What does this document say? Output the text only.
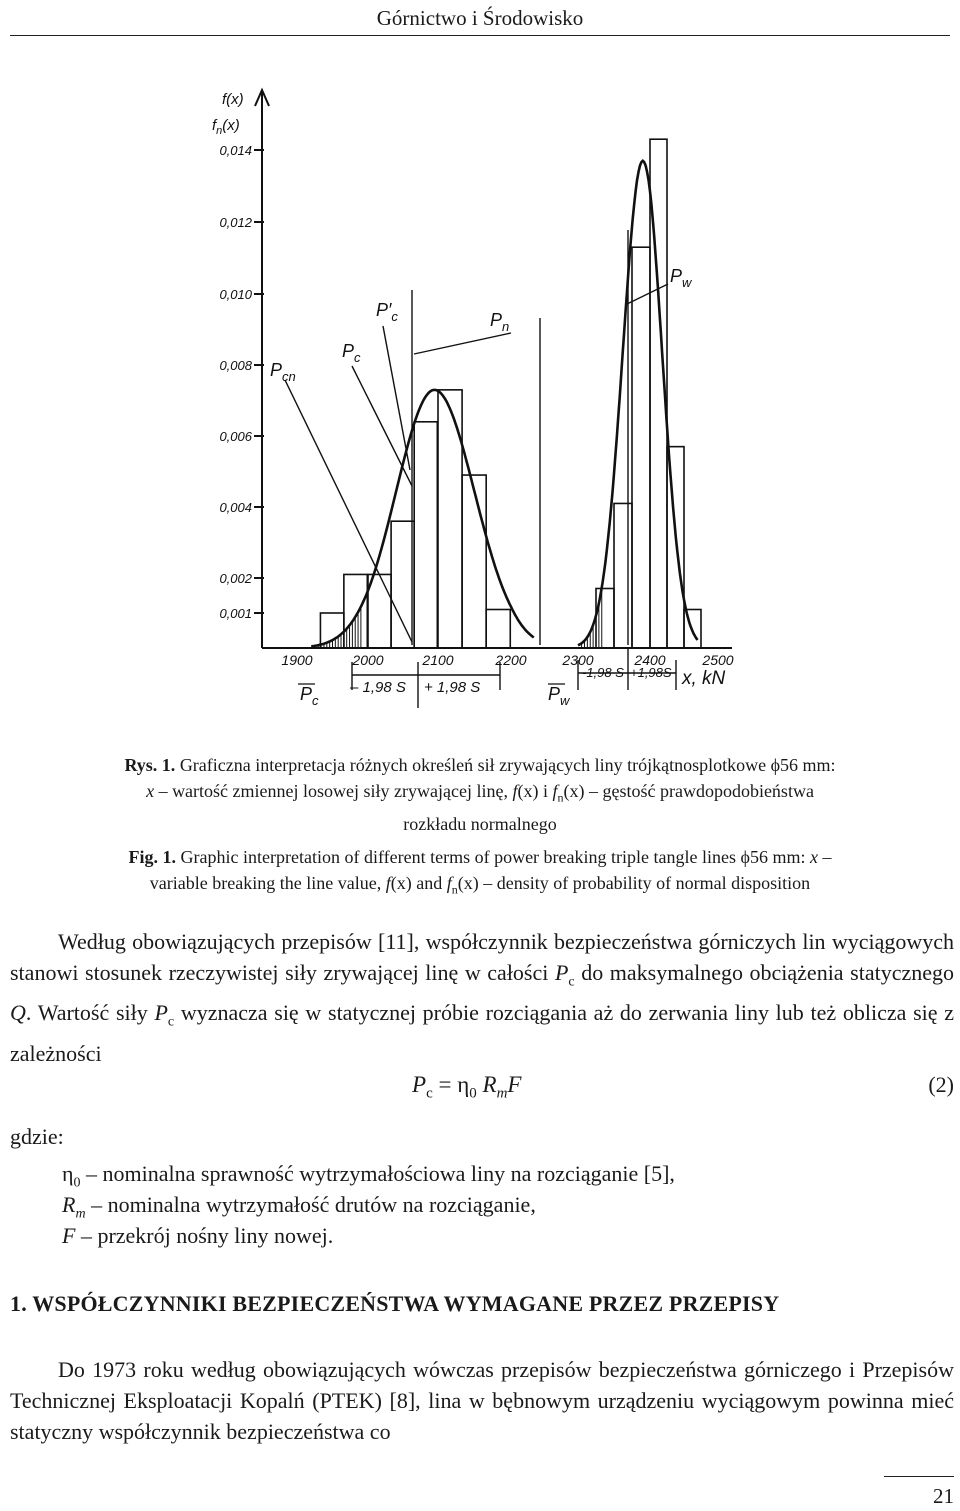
Górnictwo i Środowisko
0,014
0,012
0,010
0,008
0,006
0,004
0,002
0,001
f(x)
$f_n(x)$
$P_{cn}$
$P_c$
$P'_c$	$P_n$
$P_w$
1900	2000	2100	2200	2300	2400	2500
– 1,98 S + 1,98 S
-1,98 S +1,98S x, kN
$P_c$	$P_w$
Rys. 1. Graficzna interpretacja różnych określeń sił zrywających liny trójkątnosplotkowe ϕ56 mm:
x – wartość zmiennej losowej siły zrywającej linę, f(x) i $f_n(x)$ – gęstość prawdopodobieństwa
rozkładu normalnego
Fig. 1. Graphic interpretation of different terms of power breaking triple tangle lines ϕ56 mm: x –
variable breaking the line value, f(x) and $f_n(x)$ – density of probability of normal disposition
Według obowiązujących przepisów [11], współczynnik bezpieczeństwa górniczych lin wyciągowych stanowi stosunek rzeczywistej siły zrywającej linę w całości $P_c$ do maksymalnego obciążenia statycznego Q. Wartość siły $P_c$ wyznacza się w statycznej próbie rozciągania aż do zerwania liny lub też oblicza się z zależności
$P_c = \eta_0$ $R_mF$	(2)
gdzie:
$\eta_0$ – nominalna sprawność wytrzymałościowa liny na rozciąganie [5],
$R_m$ – nominalna wytrzymałość drutów na rozciąganie,
F – przekrój nośny liny nowej.
1. WSPÓŁCZYNNIKI BEZPIECZEŃSTWA WYMAGANE PRZEZ PRZEPISY
Do 1973 roku według obowiązujących wówczas przepisów bezpieczeństwa górniczego i Przepisów Technicznej Eksploatacji Kopalń (PTEK) [8], lina w bębnowym urządzeniu wyciągowym powinna mieć statyczny współczynnik bezpieczeństwa co
21
